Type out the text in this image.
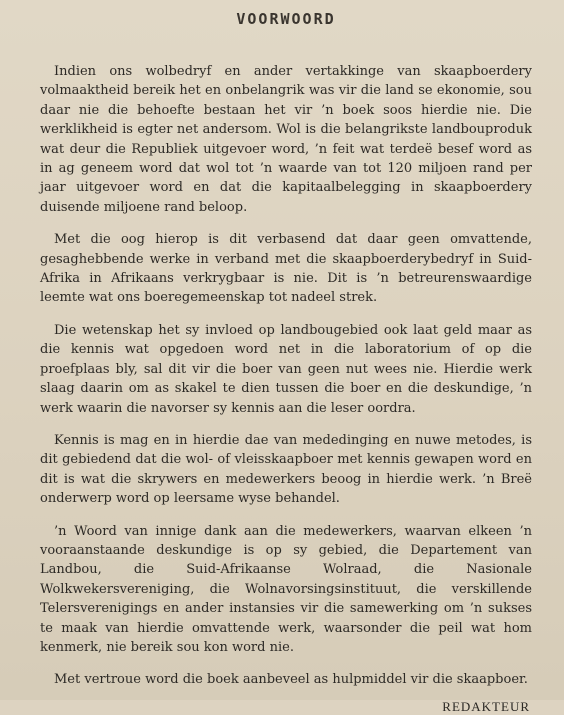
VOORWOORD

Indien ons wolbedryf en ander vertakkinge van skaapboerdery volmaaktheid bereik het en onbelangrik was vir die land se ekonomie, sou daar nie die behoefte bestaan het vir ’n boek soos hierdie nie. Die werklikheid is egter net andersom. Wol is die belangrikste landbouproduk wat deur die Republiek uitgevoer word, ’n feit wat terdeë besef word as in ag geneem word dat wol tot ’n waarde van tot 120 miljoen rand per jaar uitgevoer word en dat die kapitaalbelegging in skaapboerdery duisende miljoene rand beloop.

Met die oog hierop is dit verbasend dat daar geen omvattende, gesaghebbende werke in verband met die skaapboerderybedryf in Suid-Afrika in Afrikaans verkrygbaar is nie. Dit is ’n betreurenswaardige leemte wat ons boeregemeenskap tot nadeel strek.

Die wetenskap het sy invloed op landbougebied ook laat geld maar as die kennis wat opgedoen word net in die laboratorium of op die proefplaas bly, sal dit vir die boer van geen nut wees nie. Hierdie werk slaag daarin om as skakel te dien tussen die boer en die deskundige, ’n werk waarin die navorser sy kennis aan die leser oordra.

Kennis is mag en in hierdie dae van mededinging en nuwe metodes, is dit gebiedend dat die wol- of vleisskaapboer met kennis gewapen word en dit is wat die skrywers en medewerkers beoog in hierdie werk. ’n Breë onderwerp word op leersame wyse behandel.

’n Woord van innige dank aan die medewerkers, waarvan elkeen ’n vooraanstaande deskundige is op sy gebied, die Departement van Landbou, die Suid-Afrikaanse Wolraad, die Nasionale Wolkwekersvereniging, die Wolnavorsingsinstituut, die verskillende Telersverenigings en ander instansies vir die samewerking om ’n sukses te maak van hierdie omvattende werk, waarsonder die peil wat hom kenmerk, nie bereik sou kon word nie.

Met vertroue word die boek aanbeveel as hulpmiddel vir die skaapboer.

REDAKTEUR
